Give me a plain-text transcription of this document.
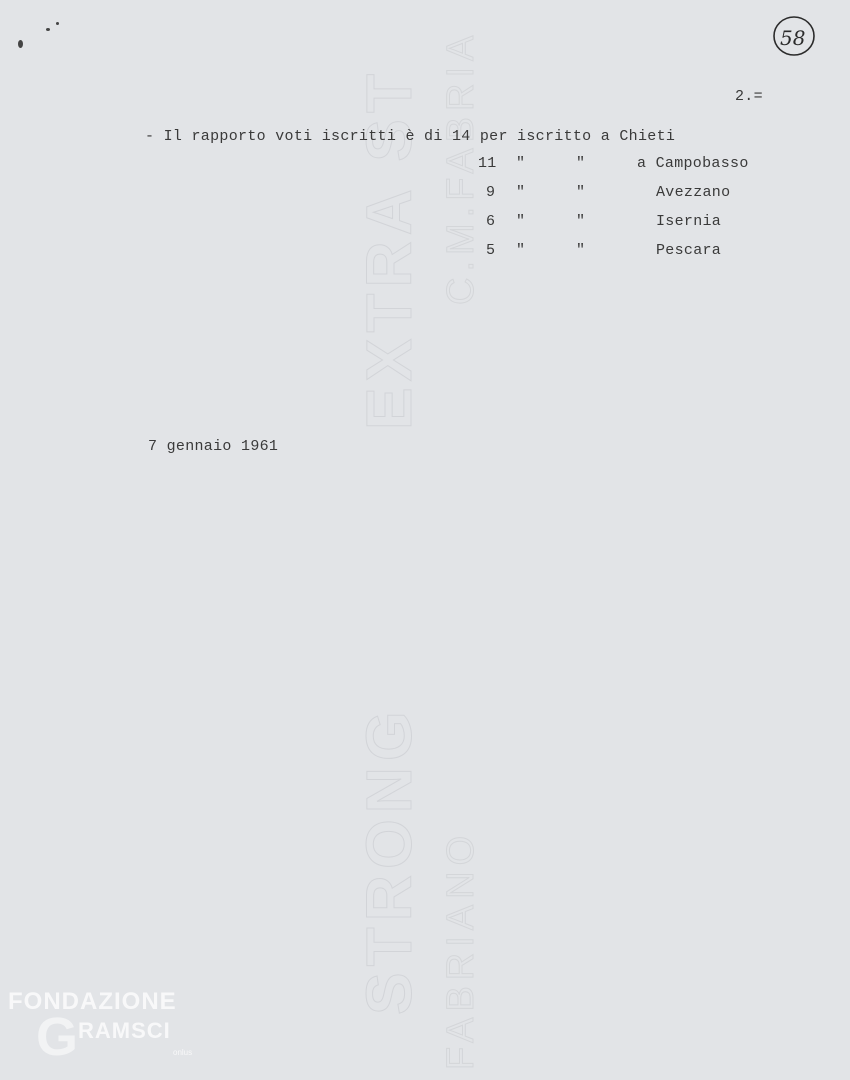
EXTRA ST C.M.FABRIA
STRONG FABRIANO
58
2.=
- Il rapporto voti iscritti è di 14 per iscritto a Chieti
11 "	"	a Campobasso
9 "	"	Avezzano
6 "	"	Isernia
5 "	"	Pescara
7 gennaio 1961
FONDAZIONE
G RAMSCI
onlus
